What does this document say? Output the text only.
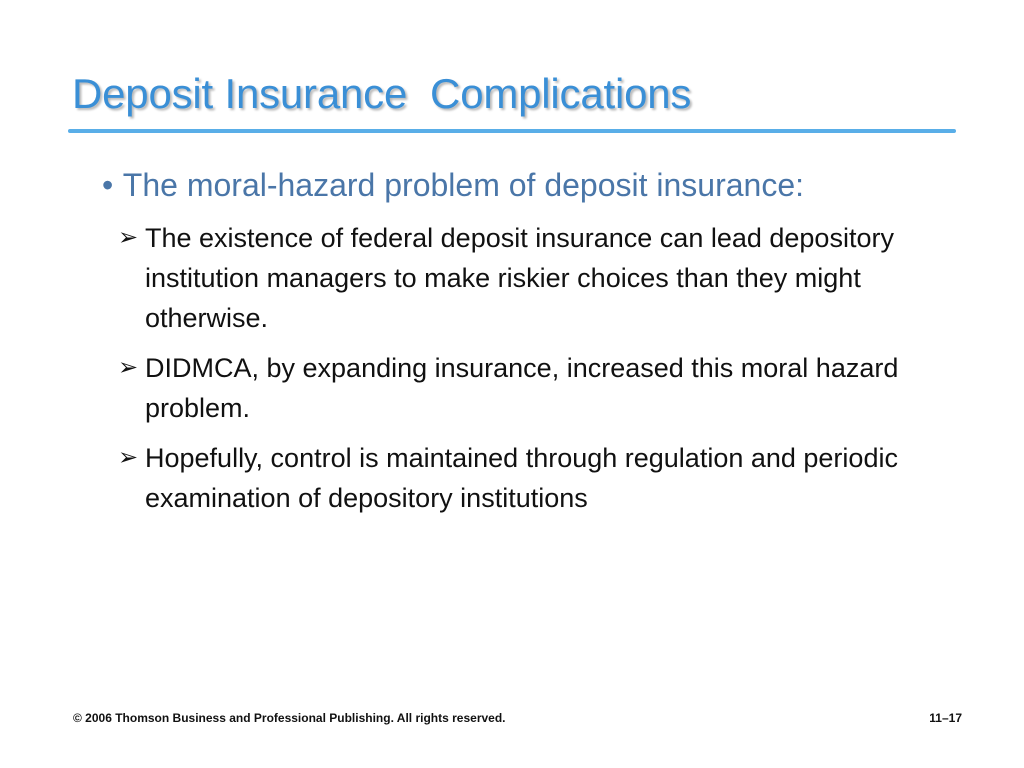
Deposit Insurance  Complications
• The moral-hazard problem of deposit insurance:
➢ The existence of federal deposit insurance can lead depository institution managers to make riskier choices than they might otherwise.
➢ DIDMCA, by expanding insurance, increased this moral hazard problem.
➢ Hopefully, control is maintained through regulation and periodic examination of depository institutions
© 2006 Thomson Business and Professional Publishing. All rights reserved.	11–17
